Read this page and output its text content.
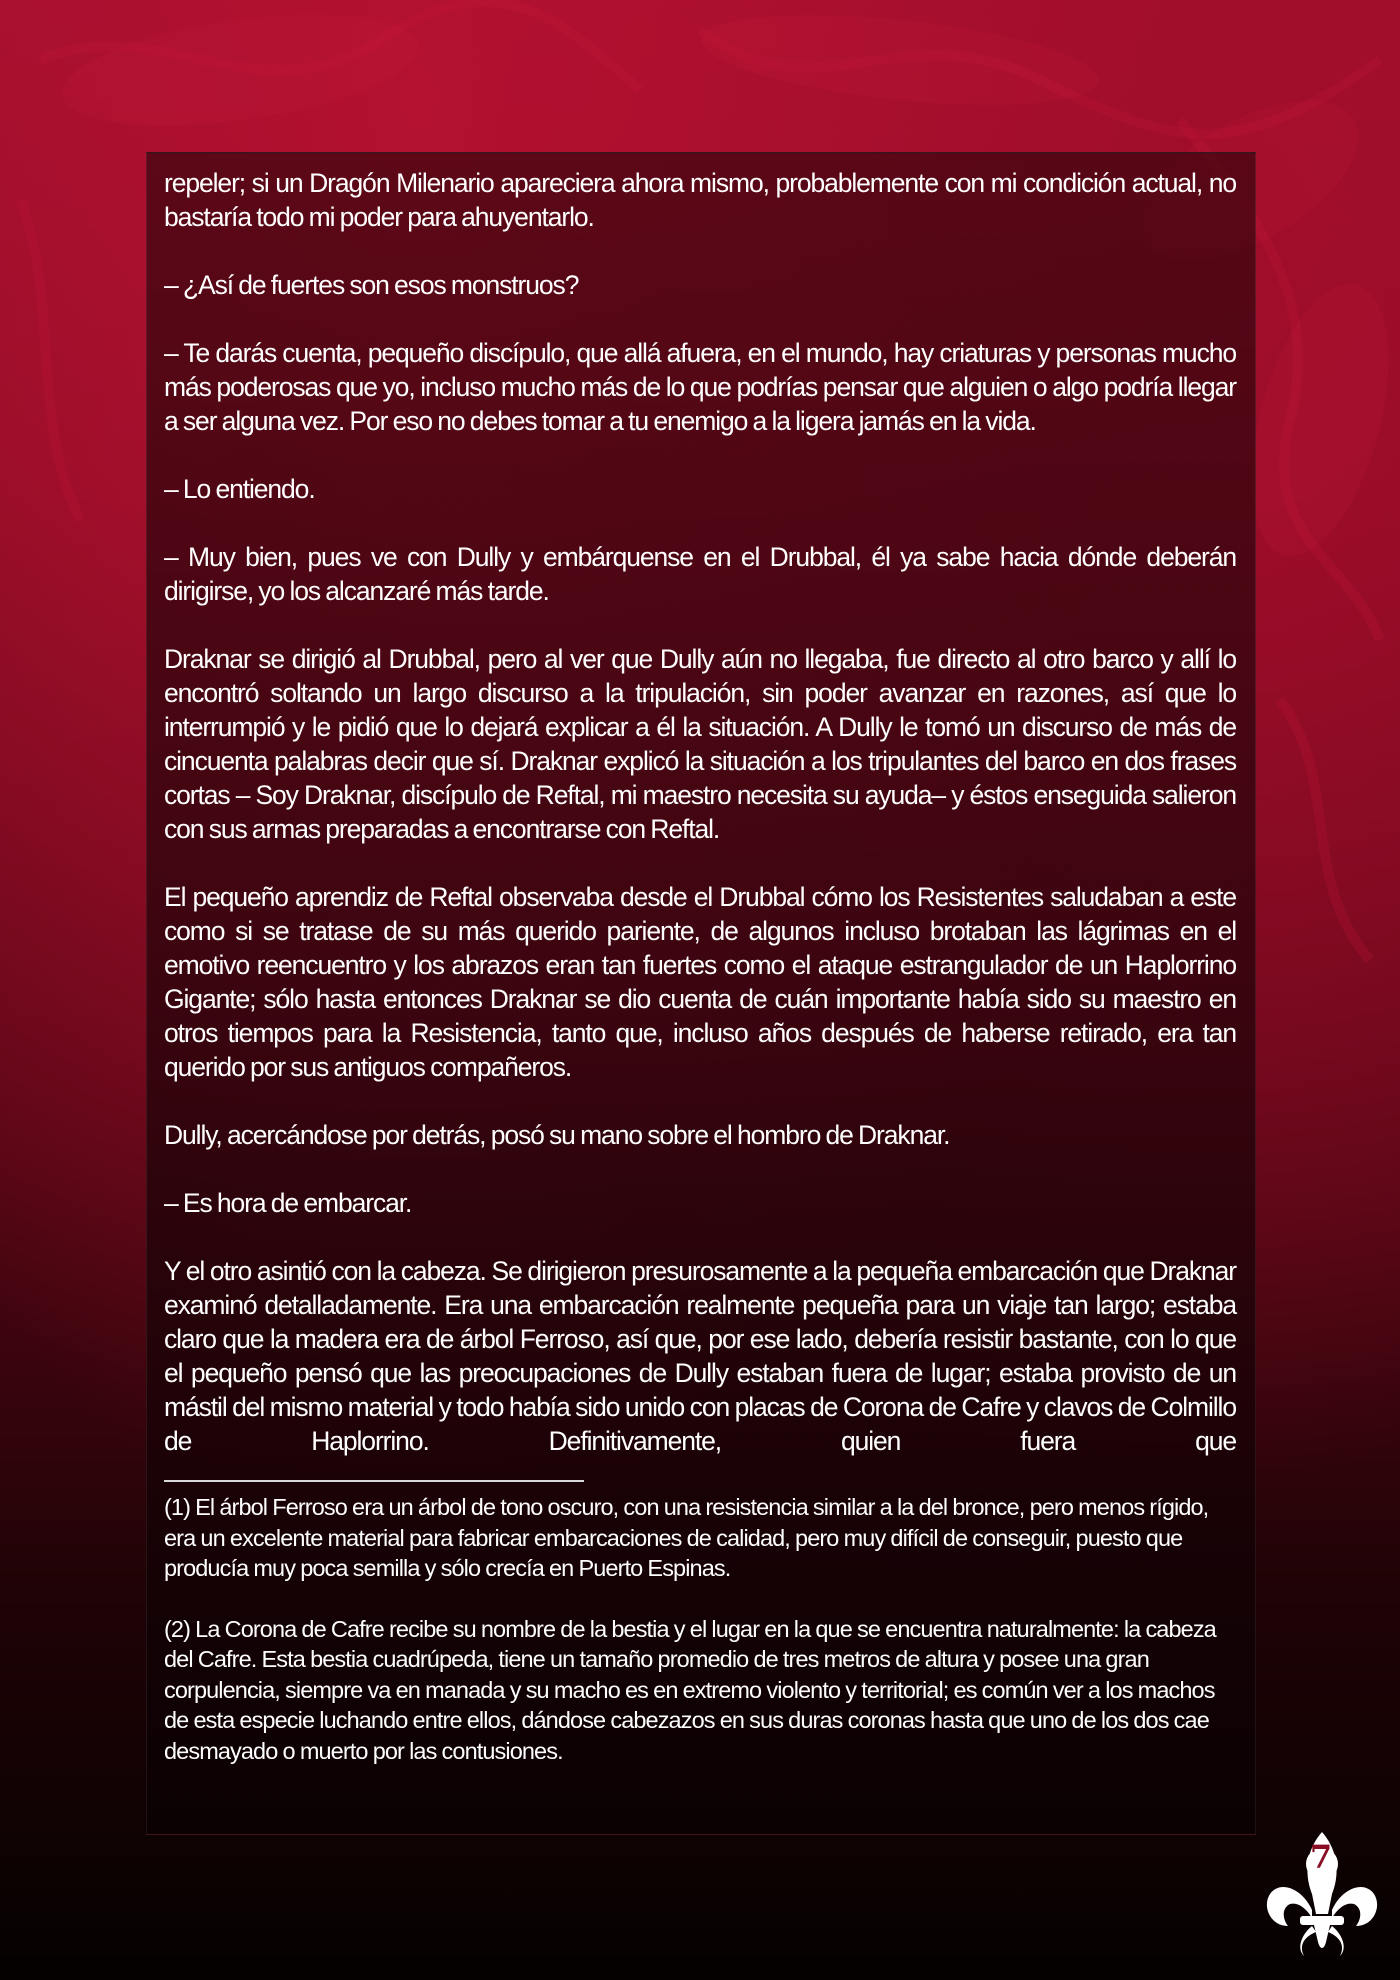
repeler; si un Dragón Milenario apareciera ahora mismo, probablemente con mi condición actual, no bastaría todo mi poder para ahuyentarlo.

– ¿Así de fuertes son esos monstruos?

– Te darás cuenta, pequeño discípulo, que allá afuera, en el mundo, hay criaturas y personas mucho más poderosas que yo, incluso mucho más de lo que podrías pensar que alguien o algo podría llegar a ser alguna vez. Por eso no debes tomar a tu enemigo a la ligera jamás en la vida.

– Lo entiendo.

– Muy bien, pues ve con Dully y embárquense en el Drubbal, él ya sabe hacia dónde deberán dirigirse, yo los alcanzaré más tarde.

Draknar se dirigió al Drubbal, pero al ver que Dully aún no llegaba, fue directo al otro barco y allí lo encontró soltando un largo discurso a la tripulación, sin poder avanzar en razones, así que lo interrumpió y le pidió que lo dejará explicar a él la situación. A Dully le tomó un discurso de más de cincuenta palabras decir que sí. Draknar explicó la situación a los tripulantes del barco en dos frases cortas – Soy Draknar, discípulo de Reftal, mi maestro necesita su ayuda– y éstos enseguida salieron con sus armas preparadas a encontrarse con Reftal.

El pequeño aprendiz de Reftal observaba desde el Drubbal cómo los Resistentes saludaban a este como si se tratase de su más querido pariente, de algunos incluso brotaban las lágrimas en el emotivo reencuentro y los abrazos eran tan fuertes como el ataque estrangulador de un Haplorrino Gigante; sólo hasta entonces Draknar se dio cuenta de cuán importante había sido su maestro en otros tiempos para la Resistencia, tanto que, incluso años después de haberse retirado, era tan querido por sus antiguos compañeros.

Dully, acercándose por detrás, posó su mano sobre el hombro de Draknar.

– Es hora de embarcar.

Y el otro asintió con la cabeza. Se dirigieron presurosamente a la pequeña embarcación que Draknar examinó detalladamente. Era una embarcación realmente pequeña para un viaje tan largo; estaba claro que la madera era de árbol Ferroso, así que, por ese lado, debería resistir bastante, con lo que el pequeño pensó que las preocupaciones de Dully estaban fuera de lugar; estaba provisto de un mástil del mismo material y todo había sido unido con placas de Corona de Cafre y clavos de Colmillo de Haplorrino. Definitivamente, quien fuera que

(1) El árbol Ferroso era un árbol de tono oscuro, con una resistencia similar a la del bronce, pero menos rígido, era un excelente material para fabricar embarcaciones de calidad, pero muy difícil de conseguir, puesto que producía muy poca semilla y sólo crecía en Puerto Espinas.

(2) La Corona de Cafre recibe su nombre de la bestia y el lugar en la que se encuentra naturalmente: la cabeza del Cafre. Esta bestia cuadrúpeda, tiene un tamaño promedio de tres metros de altura y posee una gran corpulencia, siempre va en manada y su macho es en extremo violento y territorial; es común ver a los machos de esta especie luchando entre ellos, dándose cabezazos en sus duras coronas hasta que uno de los dos cae desmayado o muerto por las contusiones.

7
